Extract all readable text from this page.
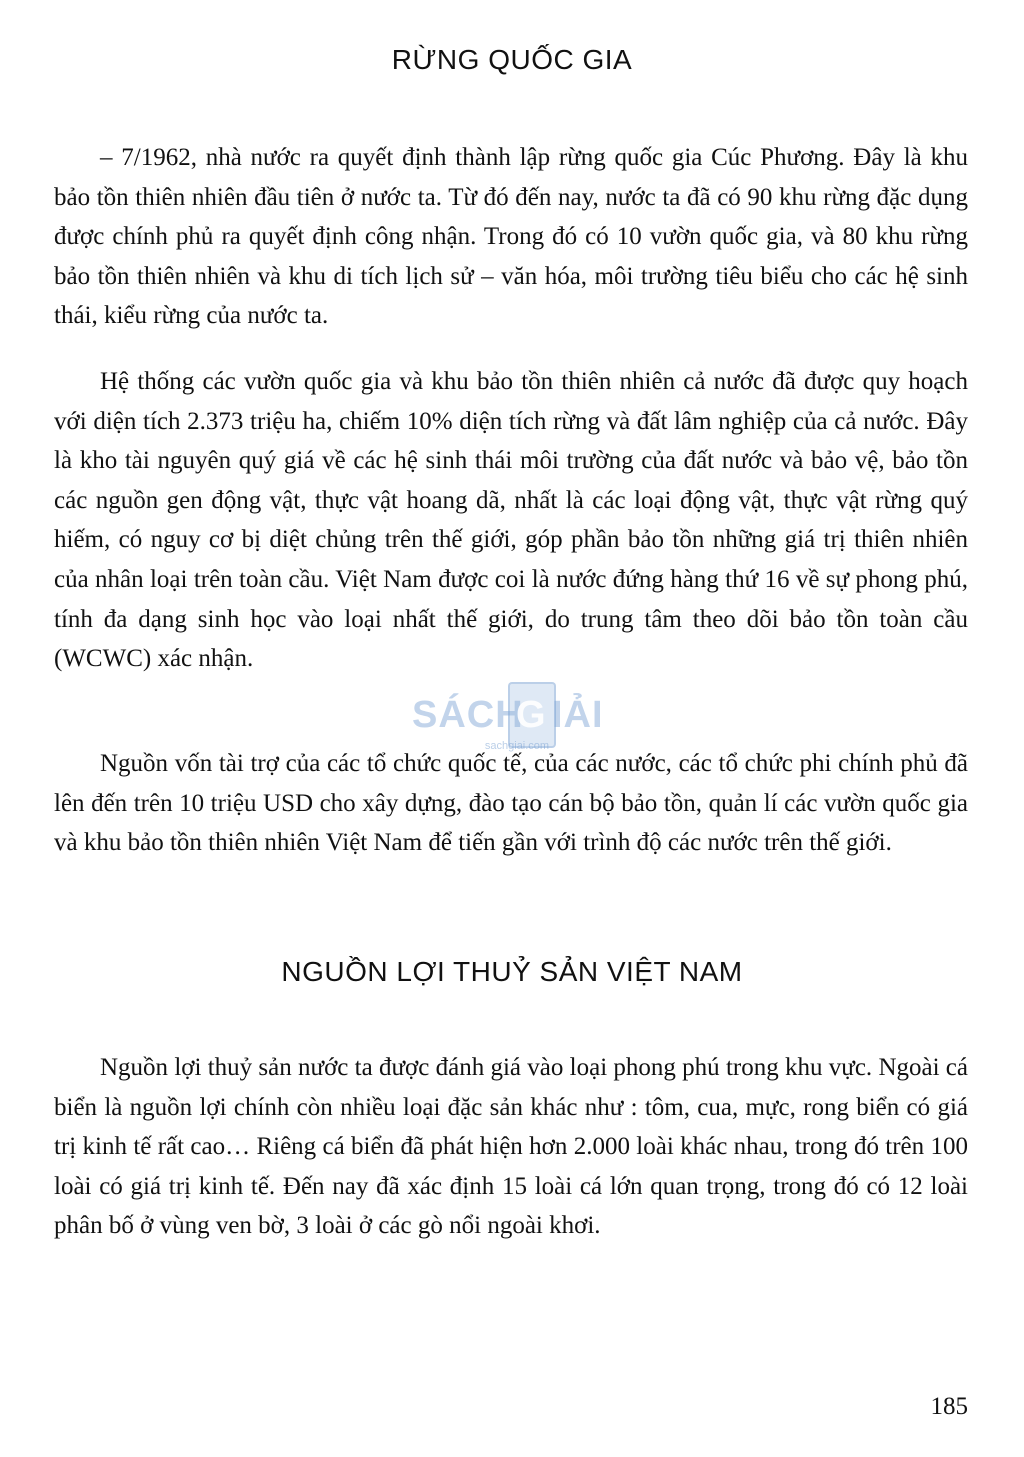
RỪNG QUỐC GIA

– 7/1962, nhà nước ra quyết định thành lập rừng quốc gia Cúc Phương. Đây là khu bảo tồn thiên nhiên đầu tiên ở nước ta. Từ đó đến nay, nước ta đã có 90 khu rừng đặc dụng được chính phủ ra quyết định công nhận. Trong đó có 10 vườn quốc gia, và 80 khu rừng bảo tồn thiên nhiên và khu di tích lịch sử – văn hóa, môi trường tiêu biểu cho các hệ sinh thái, kiểu rừng của nước ta.

Hệ thống các vườn quốc gia và khu bảo tồn thiên nhiên cả nước đã được quy hoạch với diện tích 2.373 triệu ha, chiếm 10% diện tích rừng và đất lâm nghiệp của cả nước. Đây là kho tài nguyên quý giá về các hệ sinh thái môi trường của đất nước và bảo vệ, bảo tồn các nguồn gen động vật, thực vật hoang dã, nhất là các loại động vật, thực vật rừng quý hiếm, có nguy cơ bị diệt chủng trên thế giới, góp phần bảo tồn những giá trị thiên nhiên của nhân loại trên toàn cầu. Việt Nam được coi là nước đứng hàng thứ 16 về sự phong phú, tính đa dạng sinh học vào loại nhất thế giới, do trung tâm theo dõi bảo tồn toàn cầu (WCWC) xác nhận.

Nguồn vốn tài trợ của các tổ chức quốc tế, của các nước, các tổ chức phi chính phủ đã lên đến trên 10 triệu USD cho xây dựng, đào tạo cán bộ bảo tồn, quản lí các vườn quốc gia và khu bảo tồn thiên nhiên Việt Nam để tiến gần với trình độ các nước trên thế giới.

NGUỒN LỢI THUỶ SẢN VIỆT NAM

Nguồn lợi thuỷ sản nước ta được đánh giá vào loại phong phú trong khu vực. Ngoài cá biển là nguồn lợi chính còn nhiều loại đặc sản khác như : tôm, cua, mực, rong biển có giá trị kinh tế rất cao… Riêng cá biển đã phát hiện hơn 2.000 loài khác nhau, trong đó trên 100 loài có giá trị kinh tế. Đến nay đã xác định 15 loài cá lớn quan trọng, trong đó có 12 loài phân bố ở vùng ven bờ, 3 loài ở các gò nổi ngoài khơi.

SÁCH
G IẢI
sachgiai.com
185
